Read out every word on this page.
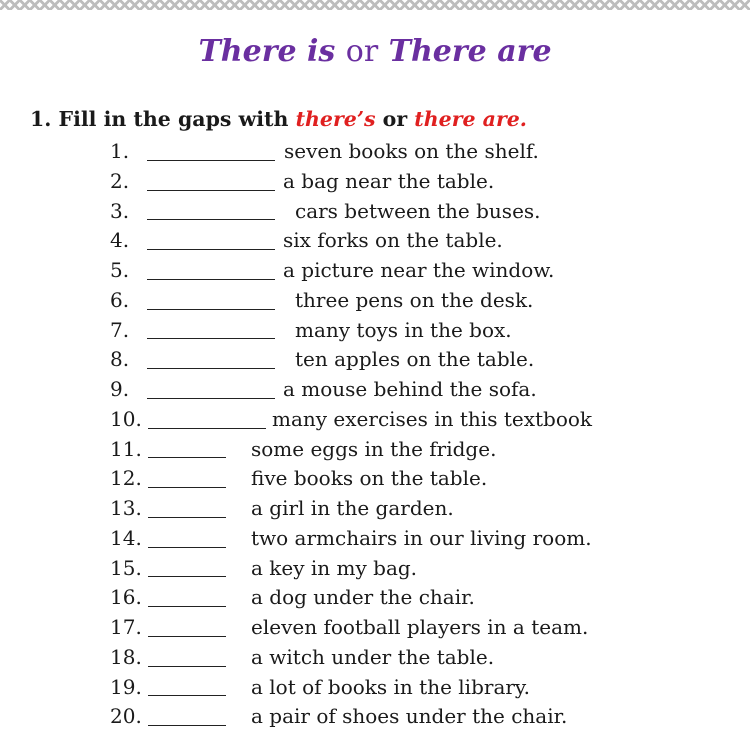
There is or There are
1. Fill in the gaps with there’s or there are.
1.	seven books on the shelf.
2.	a bag near the table.
3.	cars between the buses.
4.	six forks on the table.
5.	a picture near the window.
6.	three pens on the desk.
7.	many toys in the box.
8.	ten apples on the table.
9.	a mouse behind the sofa.
10.	many exercises in this textbook
11.	some eggs in the fridge.
12.	five books on the table.
13.	a girl in the garden.
14.	two armchairs in our living room.
15.	a key in my bag.
16.	a dog under the chair.
17.	eleven football players in a team.
18.	a witch under the table.
19.	a lot of books in the library.
20.	a pair of shoes under the chair.
